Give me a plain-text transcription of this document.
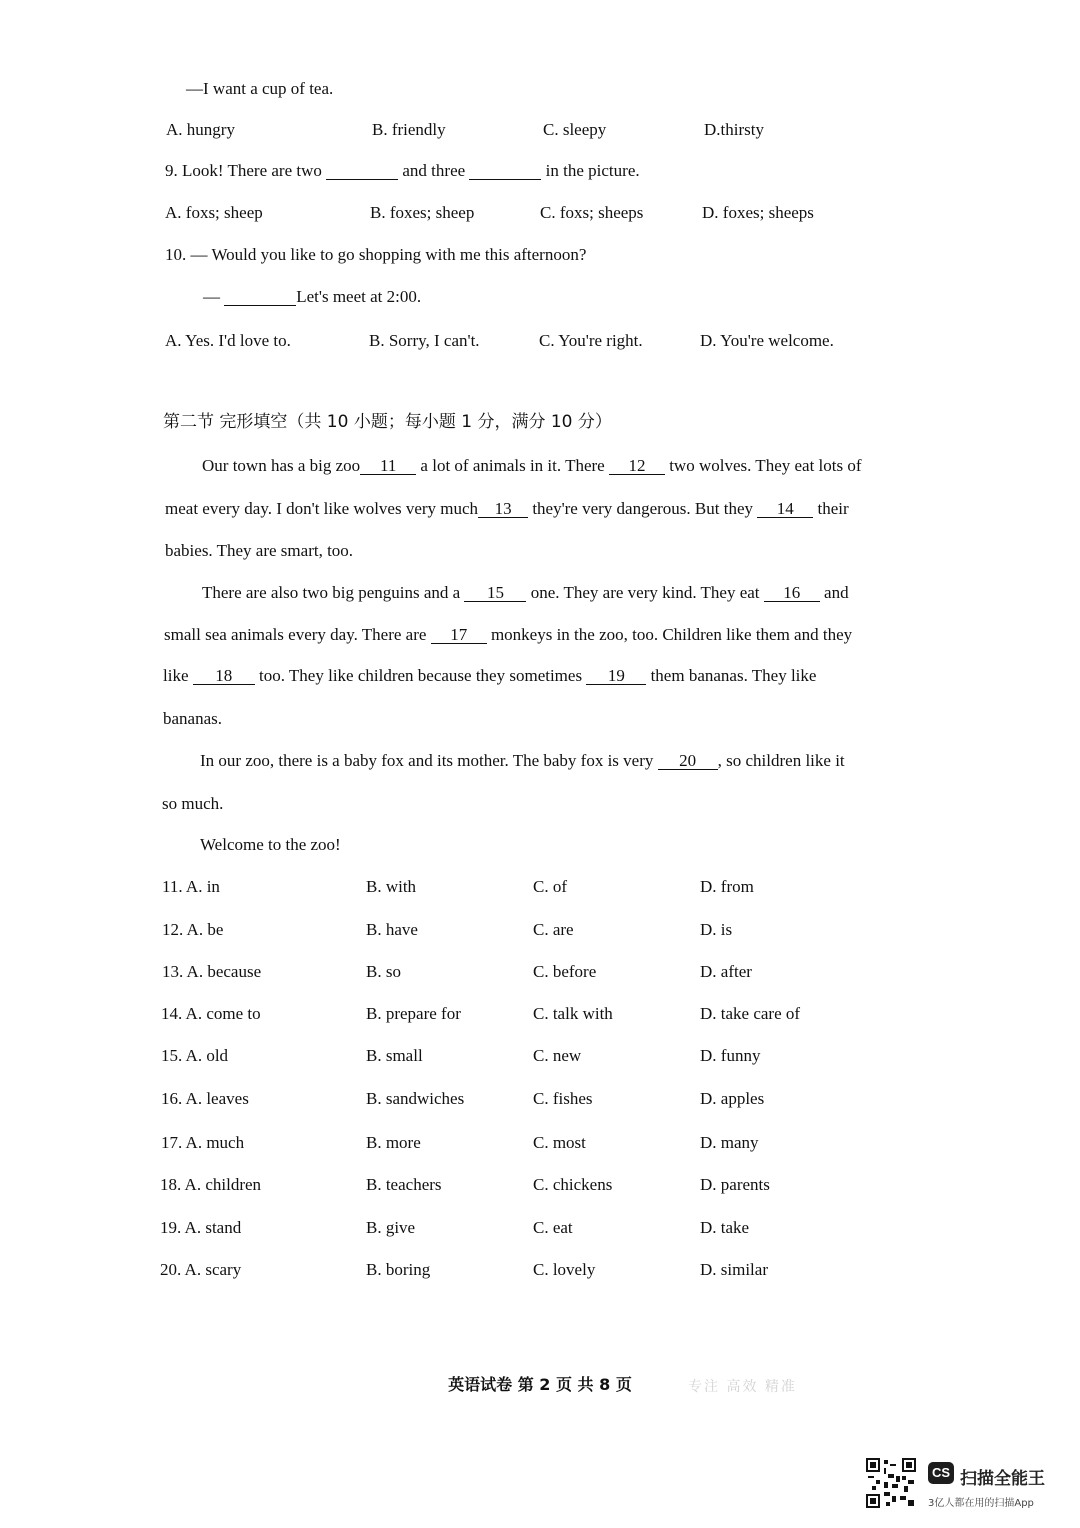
—I want a cup of tea.
A. hungry	B. friendly	C. sleepy	D.thirsty
9. Look! There are two	and three	in the picture.
A. foxs; sheep	B. foxes; sheep	C. foxs; sheeps	D. foxes; sheeps
10. — Would you like to go shopping with me this afternoon?
—	Let's meet at 2:00.
A. Yes. I'd love to.	B. Sorry, I can't.	C. You're right.	D. You're welcome.
第二节 完形填空（共 10 小题；每小题 1 分，满分 10 分）
Our town has a big zoo 11 a lot of animals in it. There 12 two wolves. They eat lots of
meat every day. I don't like wolves very much 13 they're very dangerous. But they 14 their
babies. They are smart, too.
There are also two big penguins and a 15 one. They are very kind. They eat 16 and
small sea animals every day. There are 17 monkeys in the zoo, too. Children like them and they
like 18 too. They like children because they sometimes 19 them bananas. They like
bananas.
In our zoo, there is a baby fox and its mother. The baby fox is very 20 , so children like it
so much.
Welcome to the zoo!
11. A. in	B. with	C. of	D. from
12. A. be	B. have	C. are	D. is
13. A. because	B. so	C. before	D. after
14. A. come to	B. prepare for	C. talk with	D. take care of
15. A. old	B. small	C. new	D. funny
16. A. leaves	B. sandwiches	C. fishes	D. apples
17. A. much	B. more	C. most	D. many
18. A. children	B. teachers	C. chickens	D. parents
19. A. stand	B. give	C. eat	D. take
20. A. scary	B. boring	C. lovely	D. similar
英语试卷 第 2 页 共 8 页	专注 高效 精准
CS 扫描全能王
3亿人都在用的扫描App
